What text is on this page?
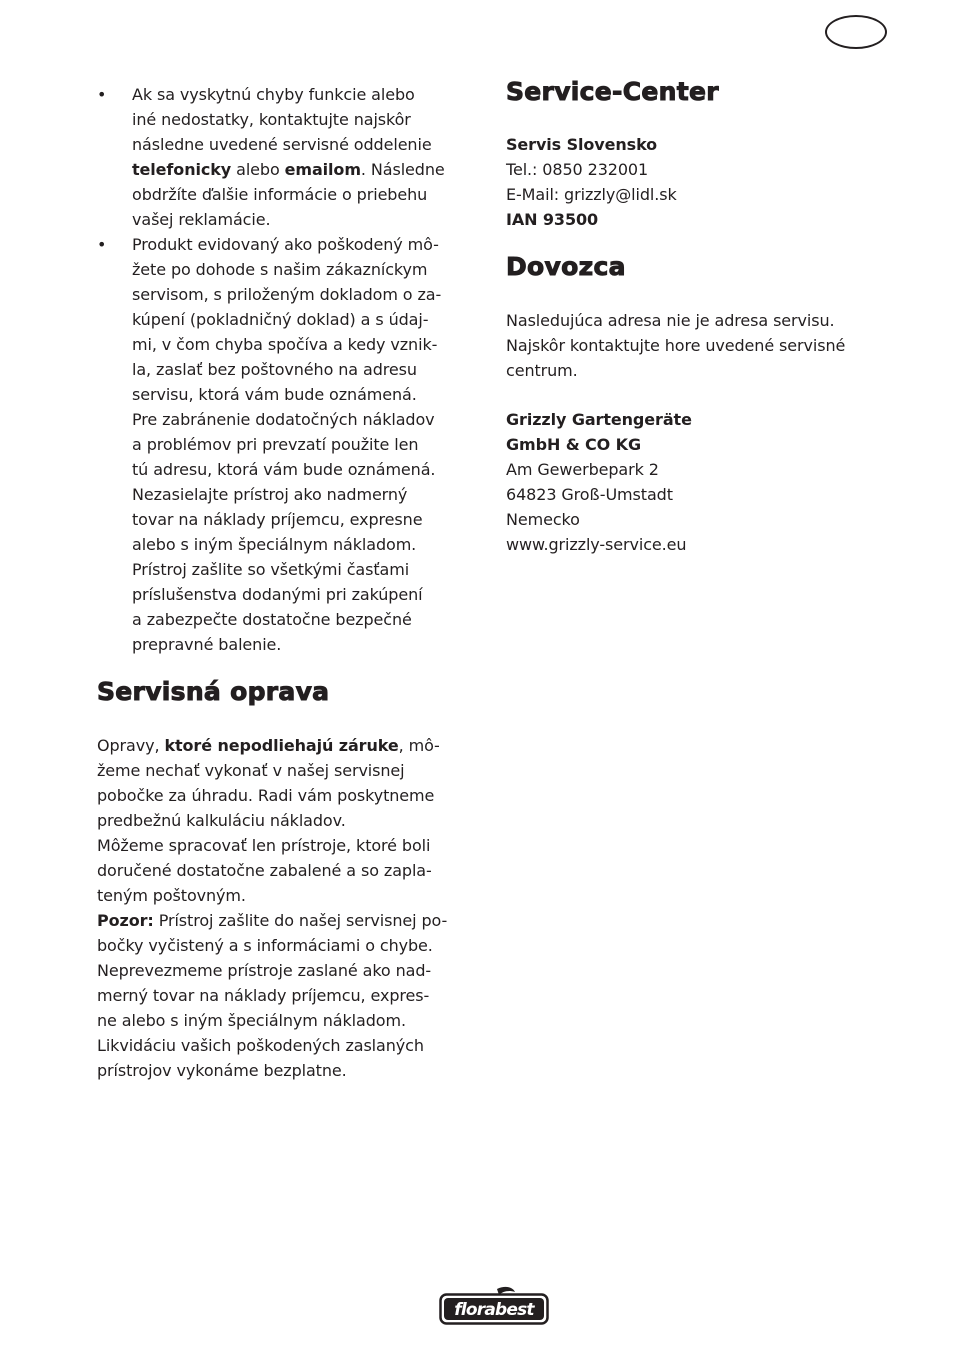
• Ak sa vyskytnú chyby funkcie alebo
iné nedostatky, kontaktujte najskôr
následne uvedené servisné oddelenie
telefonicky alebo emailom. Následne
obdržíte ďalšie informácie o priebehu
vašej reklamácie.
• Produkt evidovaný ako poškodený mô-
žete po dohode s našim zákazníckym
servisom, s priloženým dokladom o za-
kúpení (pokladničný doklad) a s údaj-
mi, v čom chyba spočíva a kedy vznik-
la, zaslať bez poštovného na adresu
servisu, ktorá vám bude oznámená.
Pre zabránenie dodatočných nákladov
a problémov pri prevzatí použite len
tú adresu, ktorá vám bude oznámená.
Nezasielajte prístroj ako nadmerný
tovar na náklady príjemcu, expresne
alebo s iným špeciálnym nákladom.
Prístroj zašlite so všetkými časťami
príslušenstva dodanými pri zakúpení
a zabezpečte dostatočne bezpečné
prepravné balenie.
Servisná oprava
Opravy, ktoré nepodliehajú záruke, mô-
žeme nechať vykonať v našej servisnej
pobočke za úhradu. Radi vám poskytneme
predbežnú kalkuláciu nákladov.
Môžeme spracovať len prístroje, ktoré boli
doručené dostatočne zabalené a so zapla-
teným poštovným.
Pozor: Prístroj zašlite do našej servisnej po-
bočky vyčistený a s informáciami o chybe.
Neprevezmeme prístroje zaslané ako nad-
merný tovar na náklady príjemcu, expres-
ne alebo s iným špeciálnym nákladom.
Likvidáciu vašich poškodených zaslaných
prístrojov vykonáme bezplatne.
Service-Center
Servis Slovensko
Tel.: 0850 232001
E-Mail: grizzly@lidl.sk
IAN 93500
Dovozca
Nasledujúca adresa nie je adresa servisu.
Najskôr kontaktujte hore uvedené servisné
centrum.
Grizzly Gartengeräte
GmbH & CO KG
Am Gewerbepark 2
64823 Groß-Umstadt
Nemecko
www.grizzly-service.eu
florabest
